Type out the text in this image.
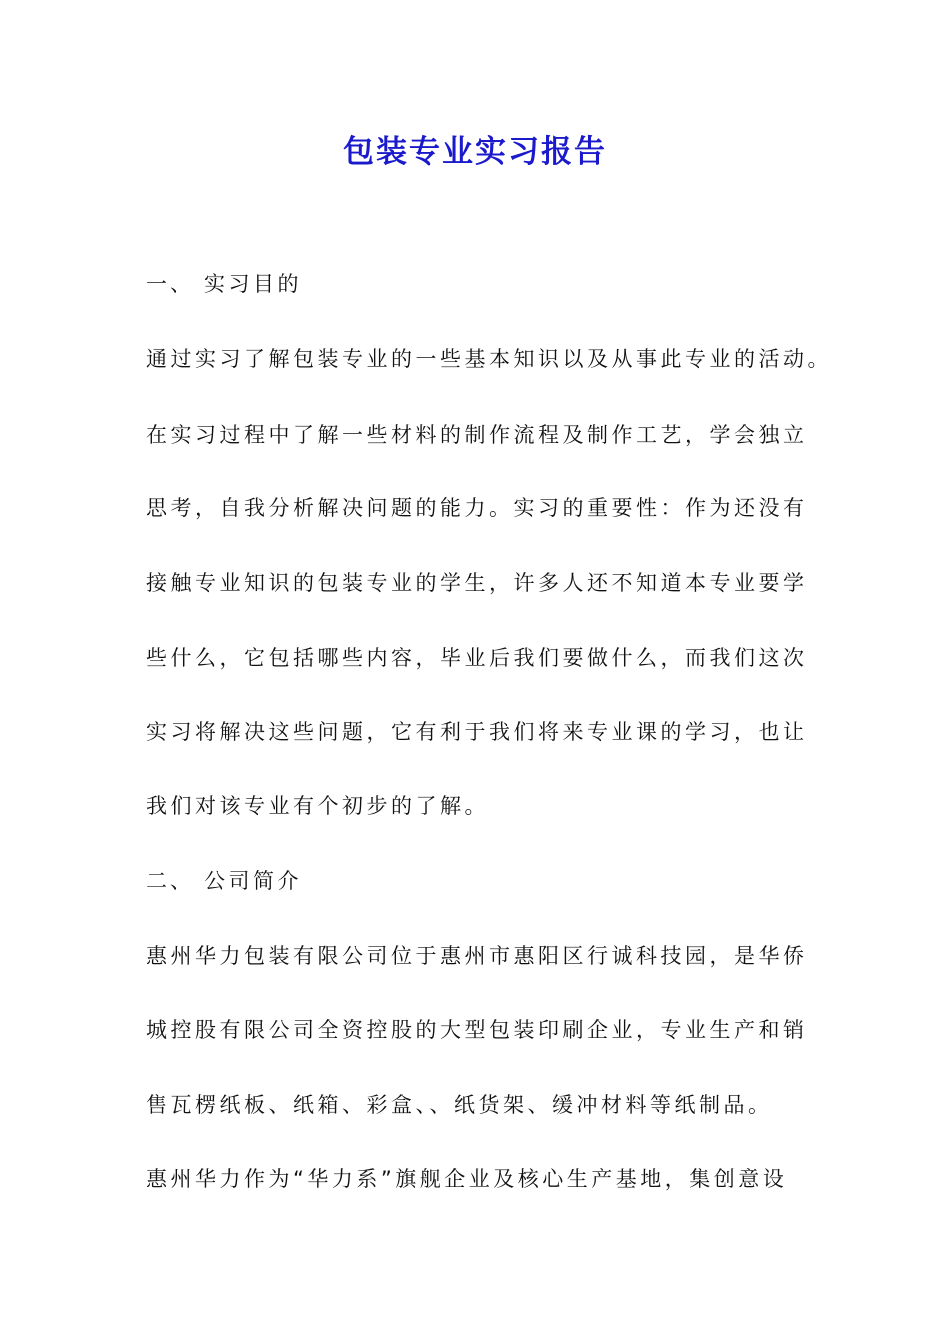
包装专业实习报告
一、 实习目的
通过实习了解包装专业的一些基本知识以及从事此专业的活动。
在实习过程中了解一些材料的制作流程及制作工艺，学会独立
思考，自我分析解决问题的能力。实习的重要性：作为还没有
接触专业知识的包装专业的学生，许多人还不知道本专业要学
些什么，它包括哪些内容，毕业后我们要做什么，而我们这次
实习将解决这些问题，它有利于我们将来专业课的学习，也让
我们对该专业有个初步的了解。
二、 公司简介
惠州华力包装有限公司位于惠州市惠阳区行诚科技园，是华侨
城控股有限公司全资控股的大型包装印刷企业，专业生产和销
售瓦楞纸板、纸箱、彩盒、、纸货架、缓冲材料等纸制品。
惠州华力作为“华力系”旗舰企业及核心生产基地，集创意设
